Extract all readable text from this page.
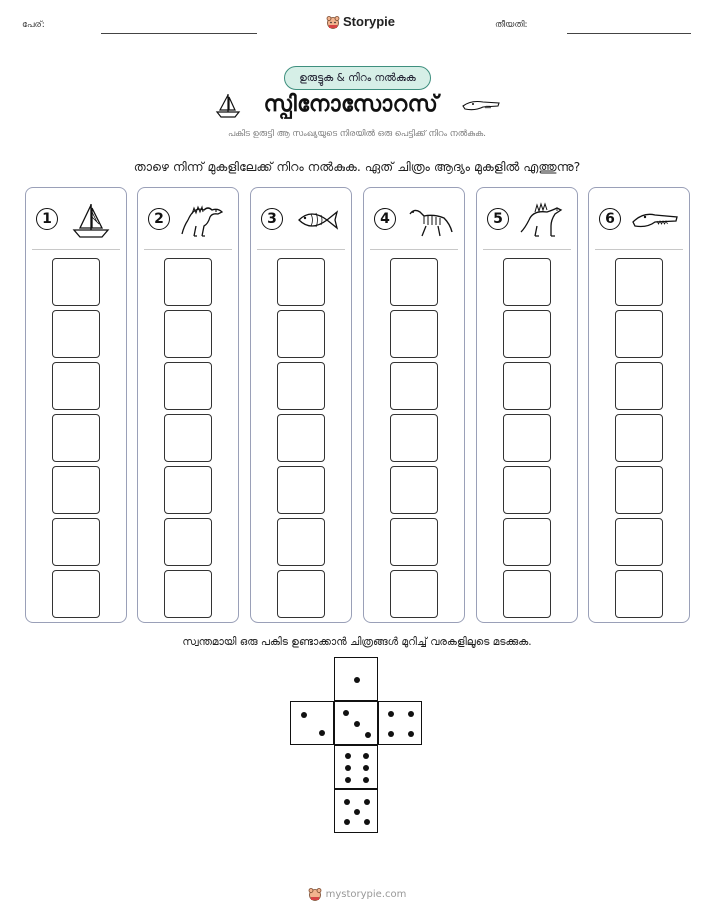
പേര്:	Storypie	തീയതി:
ഉരുട്ടുക & നിറം നൽകുക
സ്പിനോസോറസ്
പകിട ഉരുട്ടി ആ സംഖ്യയുടെ നിരയിൽ ഒരു പെട്ടിക്ക് നിറം നൽകുക.
താഴെ നിന്ന് മുകളിലേക്ക് നിറം നൽകുക. ഏത് ചിത്രം ആദ്യം മുകളിൽ എത്തുന്നു?
1	2	3	4	5	6
സ്വന്തമായി ഒരു പകിട ഉണ്ടാക്കാൻ ചിത്രങ്ങൾ മുറിച്ച് വരകളിലൂടെ മടക്കുക.
mystorypie.com
